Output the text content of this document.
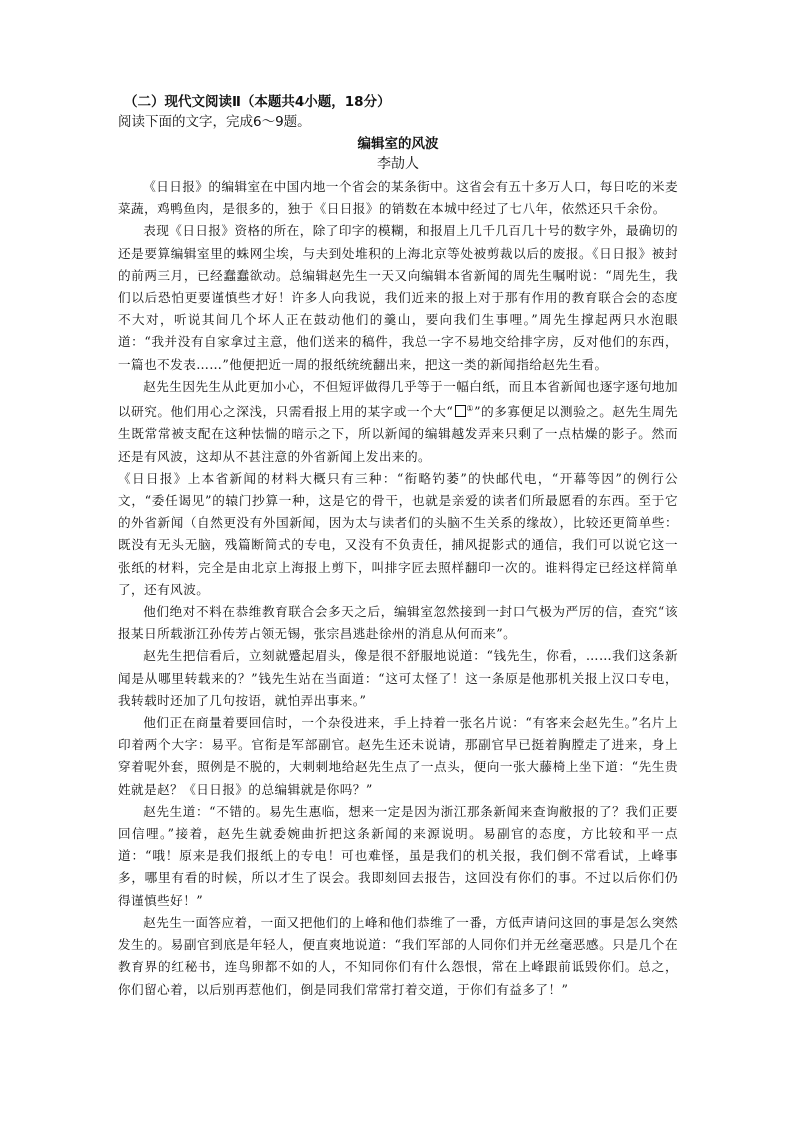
（二）现代文阅读Ⅱ（本题共4小题，18分）

阅读下面的文字，完成6～9题。

编辑室的风波

李劼人

《日日报》的编辑室在中国内地一个省会的某条街中。这省会有五十多万人口，每日吃的米麦菜蔬，鸡鸭鱼肉，是很多的，独于《日日报》的销数在本城中经过了七八年，依然还只千余份。

表现《日日报》资格的所在，除了印字的模糊，和报眉上几千几百几十号的数字外，最确切的还是要算编辑室里的蛛网尘埃，与夫到处堆积的上海北京等处被剪裁以后的废报。《日日报》被封的前两三月，已经蠢蠢欲动。总编辑赵先生一天又向编辑本省新闻的周先生嘱咐说：“周先生，我们以后恐怕更要谨慎些才好！许多人向我说，我们近来的报上对于那有作用的教育联合会的态度不大对，听说其间几个坏人正在鼓动他们的羹山，要向我们生事哩。”周先生撑起两只水泡眼道：“我并没有自家拿过主意，他们送来的稿件，我总一字不易地交给排字房，反对他们的东西，一篇也不发表……”他便把近一周的报纸统统翻出来，把这一类的新闻指给赵先生看。

赵先生因先生从此更加小心，不但短评做得几乎等于一幅白纸，而且本省新闻也逐字逐句地加以研究。他们用心之深浅，只需看报上用的某字或一个大“ ①”的多寡便足以测验之。赵先生周先生既常常被支配在这种怯惴的暗示之下，所以新闻的编辑越发弄来只剩了一点枯燥的影子。然而还是有风波，这却从不甚注意的外省新闻上发出来的。

《日日报》上本省新闻的材料大概只有三种：“衔略钓萎”的快邮代电，“开幕等因”的例行公文，“委任谒见”的辕门抄算一种，这是它的骨干，也就是亲爱的读者们所最愿看的东西。至于它的外省新闻（自然更没有外国新闻，因为太与读者们的头脑不生关系的缘故），比较还更简单些：既没有无头无脑，残篇断简式的专电，又没有不负责任，捕风捉影式的通信，我们可以说它这一张纸的材料，完全是由北京上海报上剪下，叫排字匠去照样翻印一次的。谁料得定已经这样简单了，还有风波。

他们绝对不料在恭维教育联合会多天之后，编辑室忽然接到一封口气极为严厉的信，查究“该报某日所载浙江孙传芳占领无锡，张宗昌逃赴徐州的消息从何而来”。

赵先生把信看后，立刻就蹙起眉头，像是很不舒服地说道：“钱先生，你看，……我们这条新闻是从哪里转载来的？”钱先生站在当面道：“这可太怪了！这一条原是他那机关报上汉口专电，我转载时还加了几句按语，就怕弄出事来。”

他们正在商量着要回信时，一个杂役进来，手上持着一张名片说：“有客来会赵先生。”名片上印着两个大字：易平。官衔是军部副官。赵先生还未说请，那副官早已挺着胸膛走了进来，身上穿着呢外套，照例是不脱的，大刺刺地给赵先生点了一点头，便向一张大藤椅上坐下道：“先生贵姓就是赵？《日日报》的总编辑就是你吗？”

赵先生道：“不错的。易先生惠临，想来一定是因为浙江那条新闻来查询敝报的了？我们正要回信哩。”接着，赵先生就委婉曲折把这条新闻的来源说明。易副官的态度，方比较和平一点道：“哦！原来是我们报纸上的专电！可也难怪，虽是我们的机关报，我们倒不常看试，上峰事多，哪里有看的时候，所以才生了误会。我即刻回去报告，这回没有你们的事。不过以后你们仍得谨慎些好！”

赵先生一面答应着，一面又把他们的上峰和他们恭维了一番，方低声请问这回的事是怎么突然发生的。易副官到底是年轻人，便直爽地说道：“我们军部的人同你们并无丝毫恶感。只是几个在教育界的红秘书，连鸟卵都不如的人，不知同你们有什么怨恨，常在上峰跟前诋毁你们。总之，你们留心着，以后别再惹他们，倒是同我们常常打着交道，于你们有益多了！”
